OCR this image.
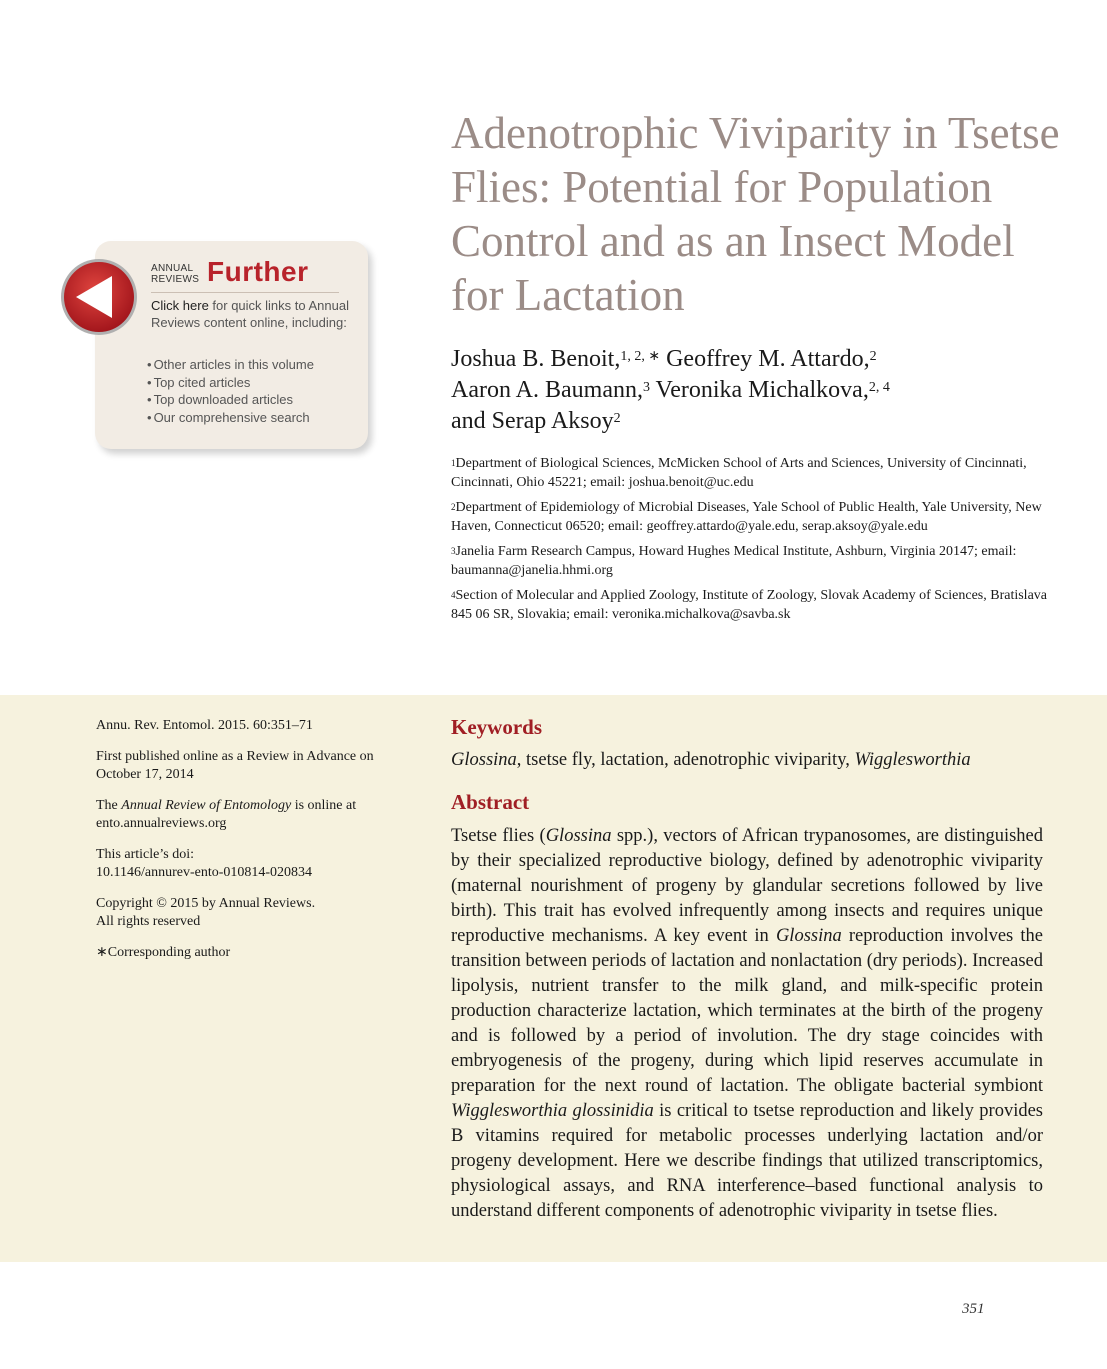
Adenotrophic Viviparity in Tsetse Flies: Potential for Population Control and as an Insect Model for Lactation
Joshua B. Benoit,$^{1, 2, ∗}$ Geoffrey M. Attardo,$^2$
Aaron A. Baumann,$^3$ Veronika Michalkova,$^{2, 4}$
and Serap Aksoy$^2$

$^1$Department of Biological Sciences, McMicken School of Arts and Sciences, University of Cincinnati, Cincinnati, Ohio 45221; email: joshua.benoit@uc.edu

$^2$Department of Epidemiology of Microbial Diseases, Yale School of Public Health, Yale University, New Haven, Connecticut 06520; email: geoffrey.attardo@yale.edu, serap.aksoy@yale.edu

$^3$Janelia Farm Research Campus, Howard Hughes Medical Institute, Ashburn, Virginia 20147; email: baumanna@janelia.hhmi.org

$^4$Section of Molecular and Applied Zoology, Institute of Zoology, Slovak Academy of Sciences, Bratislava 845 06 SR, Slovakia; email: veronika.michalkova@savba.sk

ANNUAL
REVIEWS Further
Click here for quick links to Annual Reviews content online, including:
• Other articles in this volume
• Top cited articles
• Top downloaded articles
• Our comprehensive search

Annu. Rev. Entomol. 2015. 60:351–71

First published online as a Review in Advance on October 17, 2014

The Annual Review of Entomology is online at ento.annualreviews.org

This article’s doi:
10.1146/annurev-ento-010814-020834

Copyright © 2015 by Annual Reviews.
All rights reserved

∗Corresponding author

Keywords
Glossina, tsetse fly, lactation, adenotrophic viviparity, Wigglesworthia
Abstract

Tsetse flies (Glossina spp.), vectors of African trypanosomes, are distinguished by their specialized reproductive biology, defined by adenotrophic viviparity (maternal nourishment of progeny by glandular secretions followed by live birth). This trait has evolved infrequently among insects and requires unique reproductive mechanisms. A key event in Glossina reproduction involves the transition between periods of lactation and nonlactation (dry periods). Increased lipolysis, nutrient transfer to the milk gland, and milk-specific protein production characterize lactation, which terminates at the birth of the progeny and is followed by a period of involution. The dry stage coincides with embryogenesis of the progeny, during which lipid reserves accumulate in preparation for the next round of lactation. The obligate bacterial symbiont Wigglesworthia glossinidia is critical to tsetse reproduction and likely provides B vitamins required for metabolic processes underlying lactation and/or progeny development. Here we describe findings that utilized transcriptomics, physiological assays, and RNA interference–based functional analysis to understand different components of adenotrophic viviparity in tsetse flies.

351
